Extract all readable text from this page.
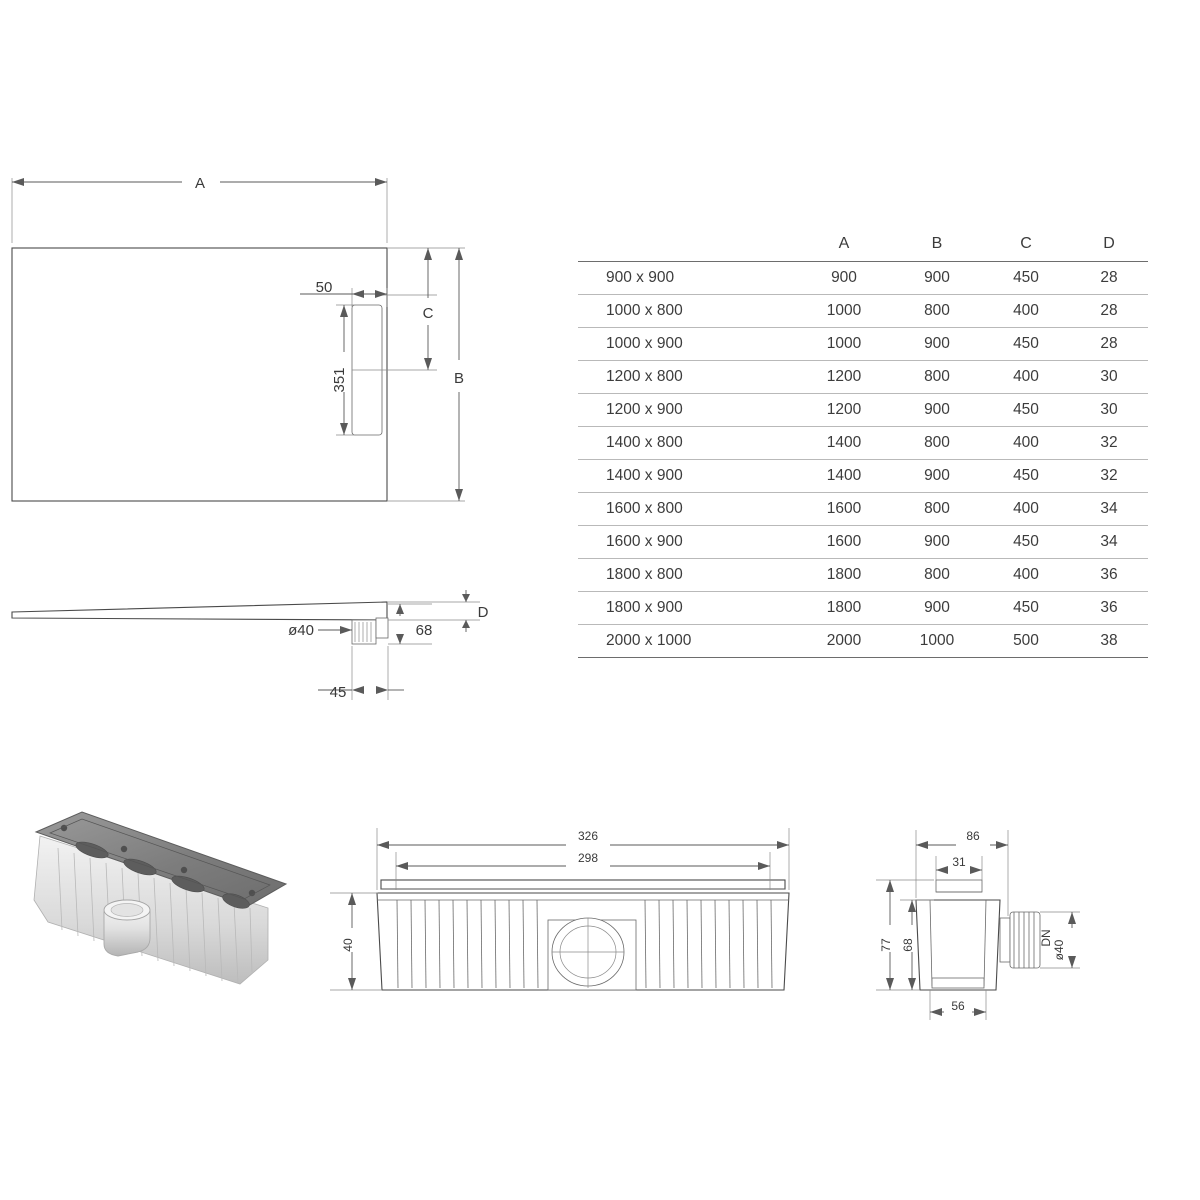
A
B
C
50
351
ø40	68
D
45
326
298
40
86
31
77 68
56
DN
ø40
	A	B	C	D
900 x 900	900	900	450	28
1000 x 800	1000	800	400	28
1000 x 900	1000	900	450	28
1200 x 800	1200	800	400	30
1200 x 900	1200	900	450	30
1400 x 800	1400	800	400	32
1400 x 900	1400	900	450	32
1600 x 800	1600	800	400	34
1600 x 900	1600	900	450	34
1800 x 800	1800	800	400	36
1800 x 900	1800	900	450	36
2000 x 1000	2000	1000	500	38
